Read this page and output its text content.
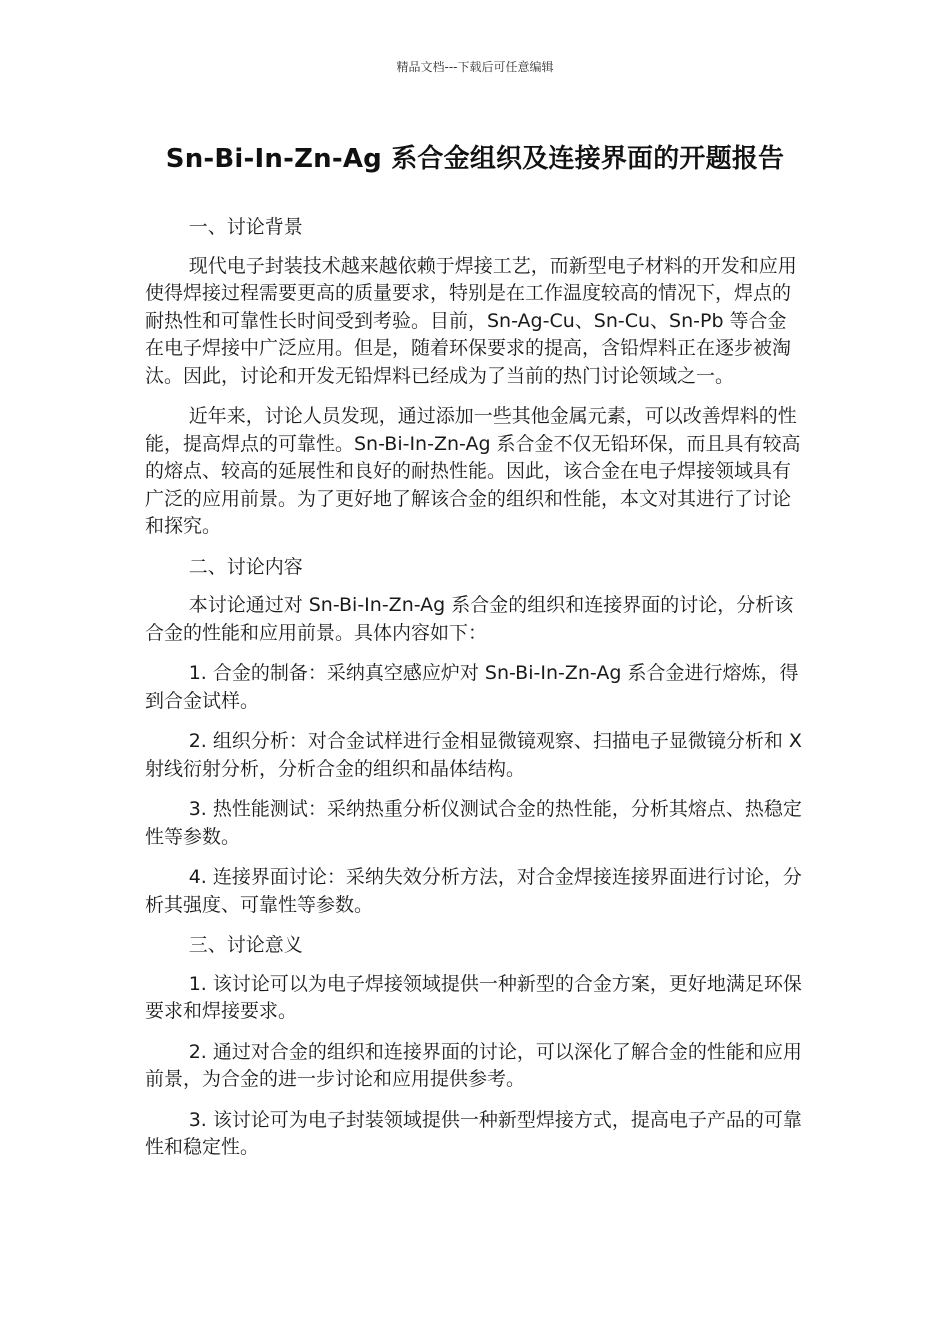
精品文档---下载后可任意编辑
Sn-Bi-In-Zn-Ag 系合金组织及连接界面的开题报告

一、讨论背景

现代电子封装技术越来越依赖于焊接工艺，而新型电子材料的开发和应用使得焊接过程需要更高的质量要求，特别是在工作温度较高的情况下，焊点的耐热性和可靠性长时间受到考验。目前，Sn-Ag-Cu、Sn-Cu、Sn-Pb 等合金在电子焊接中广泛应用。但是，随着环保要求的提高，含铅焊料正在逐步被淘汰。因此，讨论和开发无铅焊料已经成为了当前的热门讨论领域之一。

近年来，讨论人员发现，通过添加一些其他金属元素，可以改善焊料的性能，提高焊点的可靠性。Sn-Bi-In-Zn-Ag 系合金不仅无铅环保，而且具有较高的熔点、较高的延展性和良好的耐热性能。因此，该合金在电子焊接领域具有广泛的应用前景。为了更好地了解该合金的组织和性能，本文对其进行了讨论和探究。

二、讨论内容

本讨论通过对 Sn-Bi-In-Zn-Ag 系合金的组织和连接界面的讨论，分析该合金的性能和应用前景。具体内容如下：

1. 合金的制备：采纳真空感应炉对 Sn-Bi-In-Zn-Ag 系合金进行熔炼，得到合金试样。

2. 组织分析：对合金试样进行金相显微镜观察、扫描电子显微镜分析和 X 射线衍射分析，分析合金的组织和晶体结构。

3. 热性能测试：采纳热重分析仪测试合金的热性能，分析其熔点、热稳定性等参数。

4. 连接界面讨论：采纳失效分析方法，对合金焊接连接界面进行讨论，分析其强度、可靠性等参数。

三、讨论意义

1. 该讨论可以为电子焊接领域提供一种新型的合金方案，更好地满足环保要求和焊接要求。

2. 通过对合金的组织和连接界面的讨论，可以深化了解合金的性能和应用前景，为合金的进一步讨论和应用提供参考。

3. 该讨论可为电子封装领域提供一种新型焊接方式，提高电子产品的可靠性和稳定性。
